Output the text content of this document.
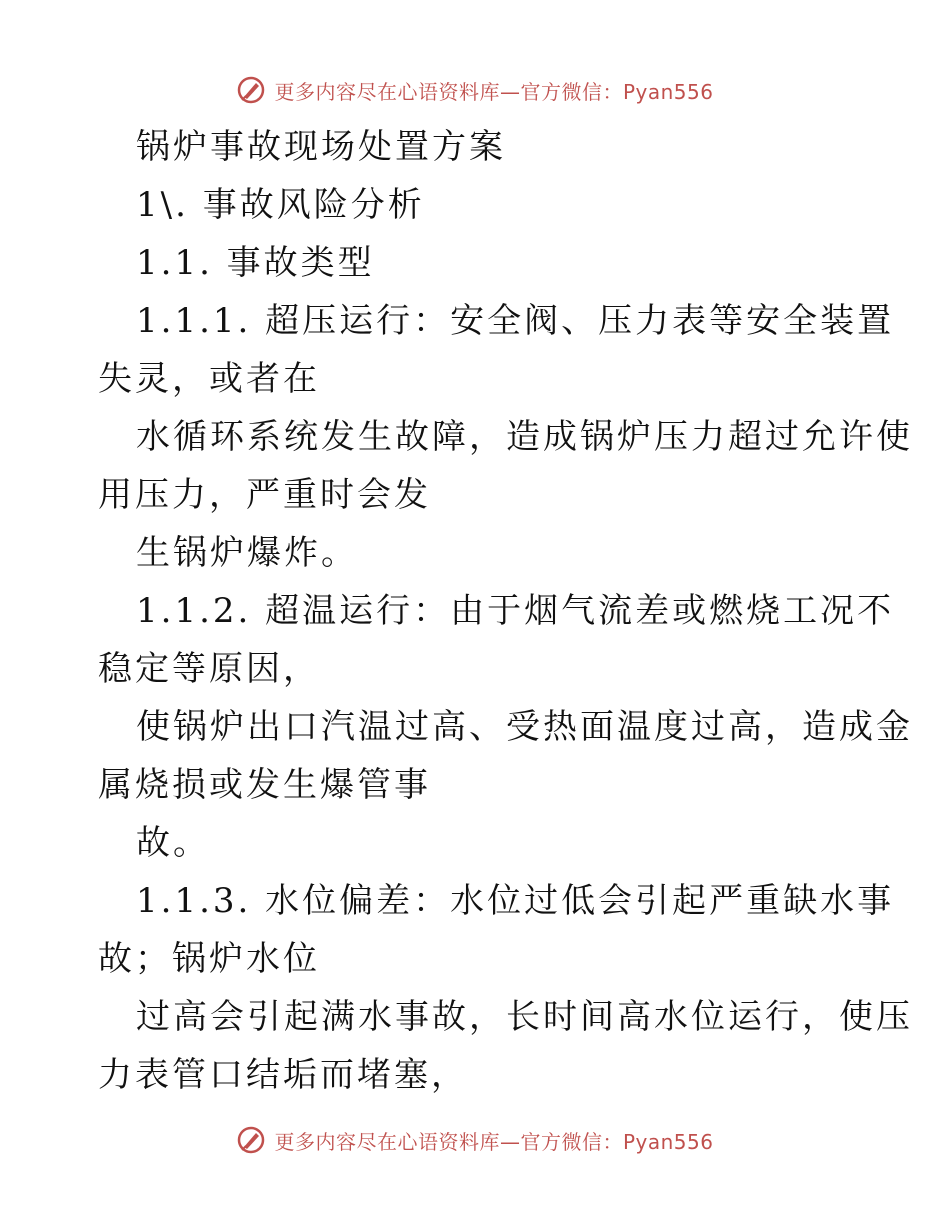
更多内容尽在心语资料库—官方微信：Pyan556

锅炉事故现场处置方案

1\. 事故风险分析

1.1. 事故类型

1.1.1. 超压运行：安全阀、压力表等安全装置

失灵，或者在

水循环系统发生故障，造成锅炉压力超过允许使

用压力，严重时会发

生锅炉爆炸。

1.1.2. 超温运行：由于烟气流差或燃烧工况不

稳定等原因，

使锅炉出口汽温过高、受热面温度过高，造成金

属烧损或发生爆管事

故。

1.1.3. 水位偏差：水位过低会引起严重缺水事

故；锅炉水位

过高会引起满水事故，长时间高水位运行，使压

力表管口结垢而堵塞，

更多内容尽在心语资料库—官方微信：Pyan556
